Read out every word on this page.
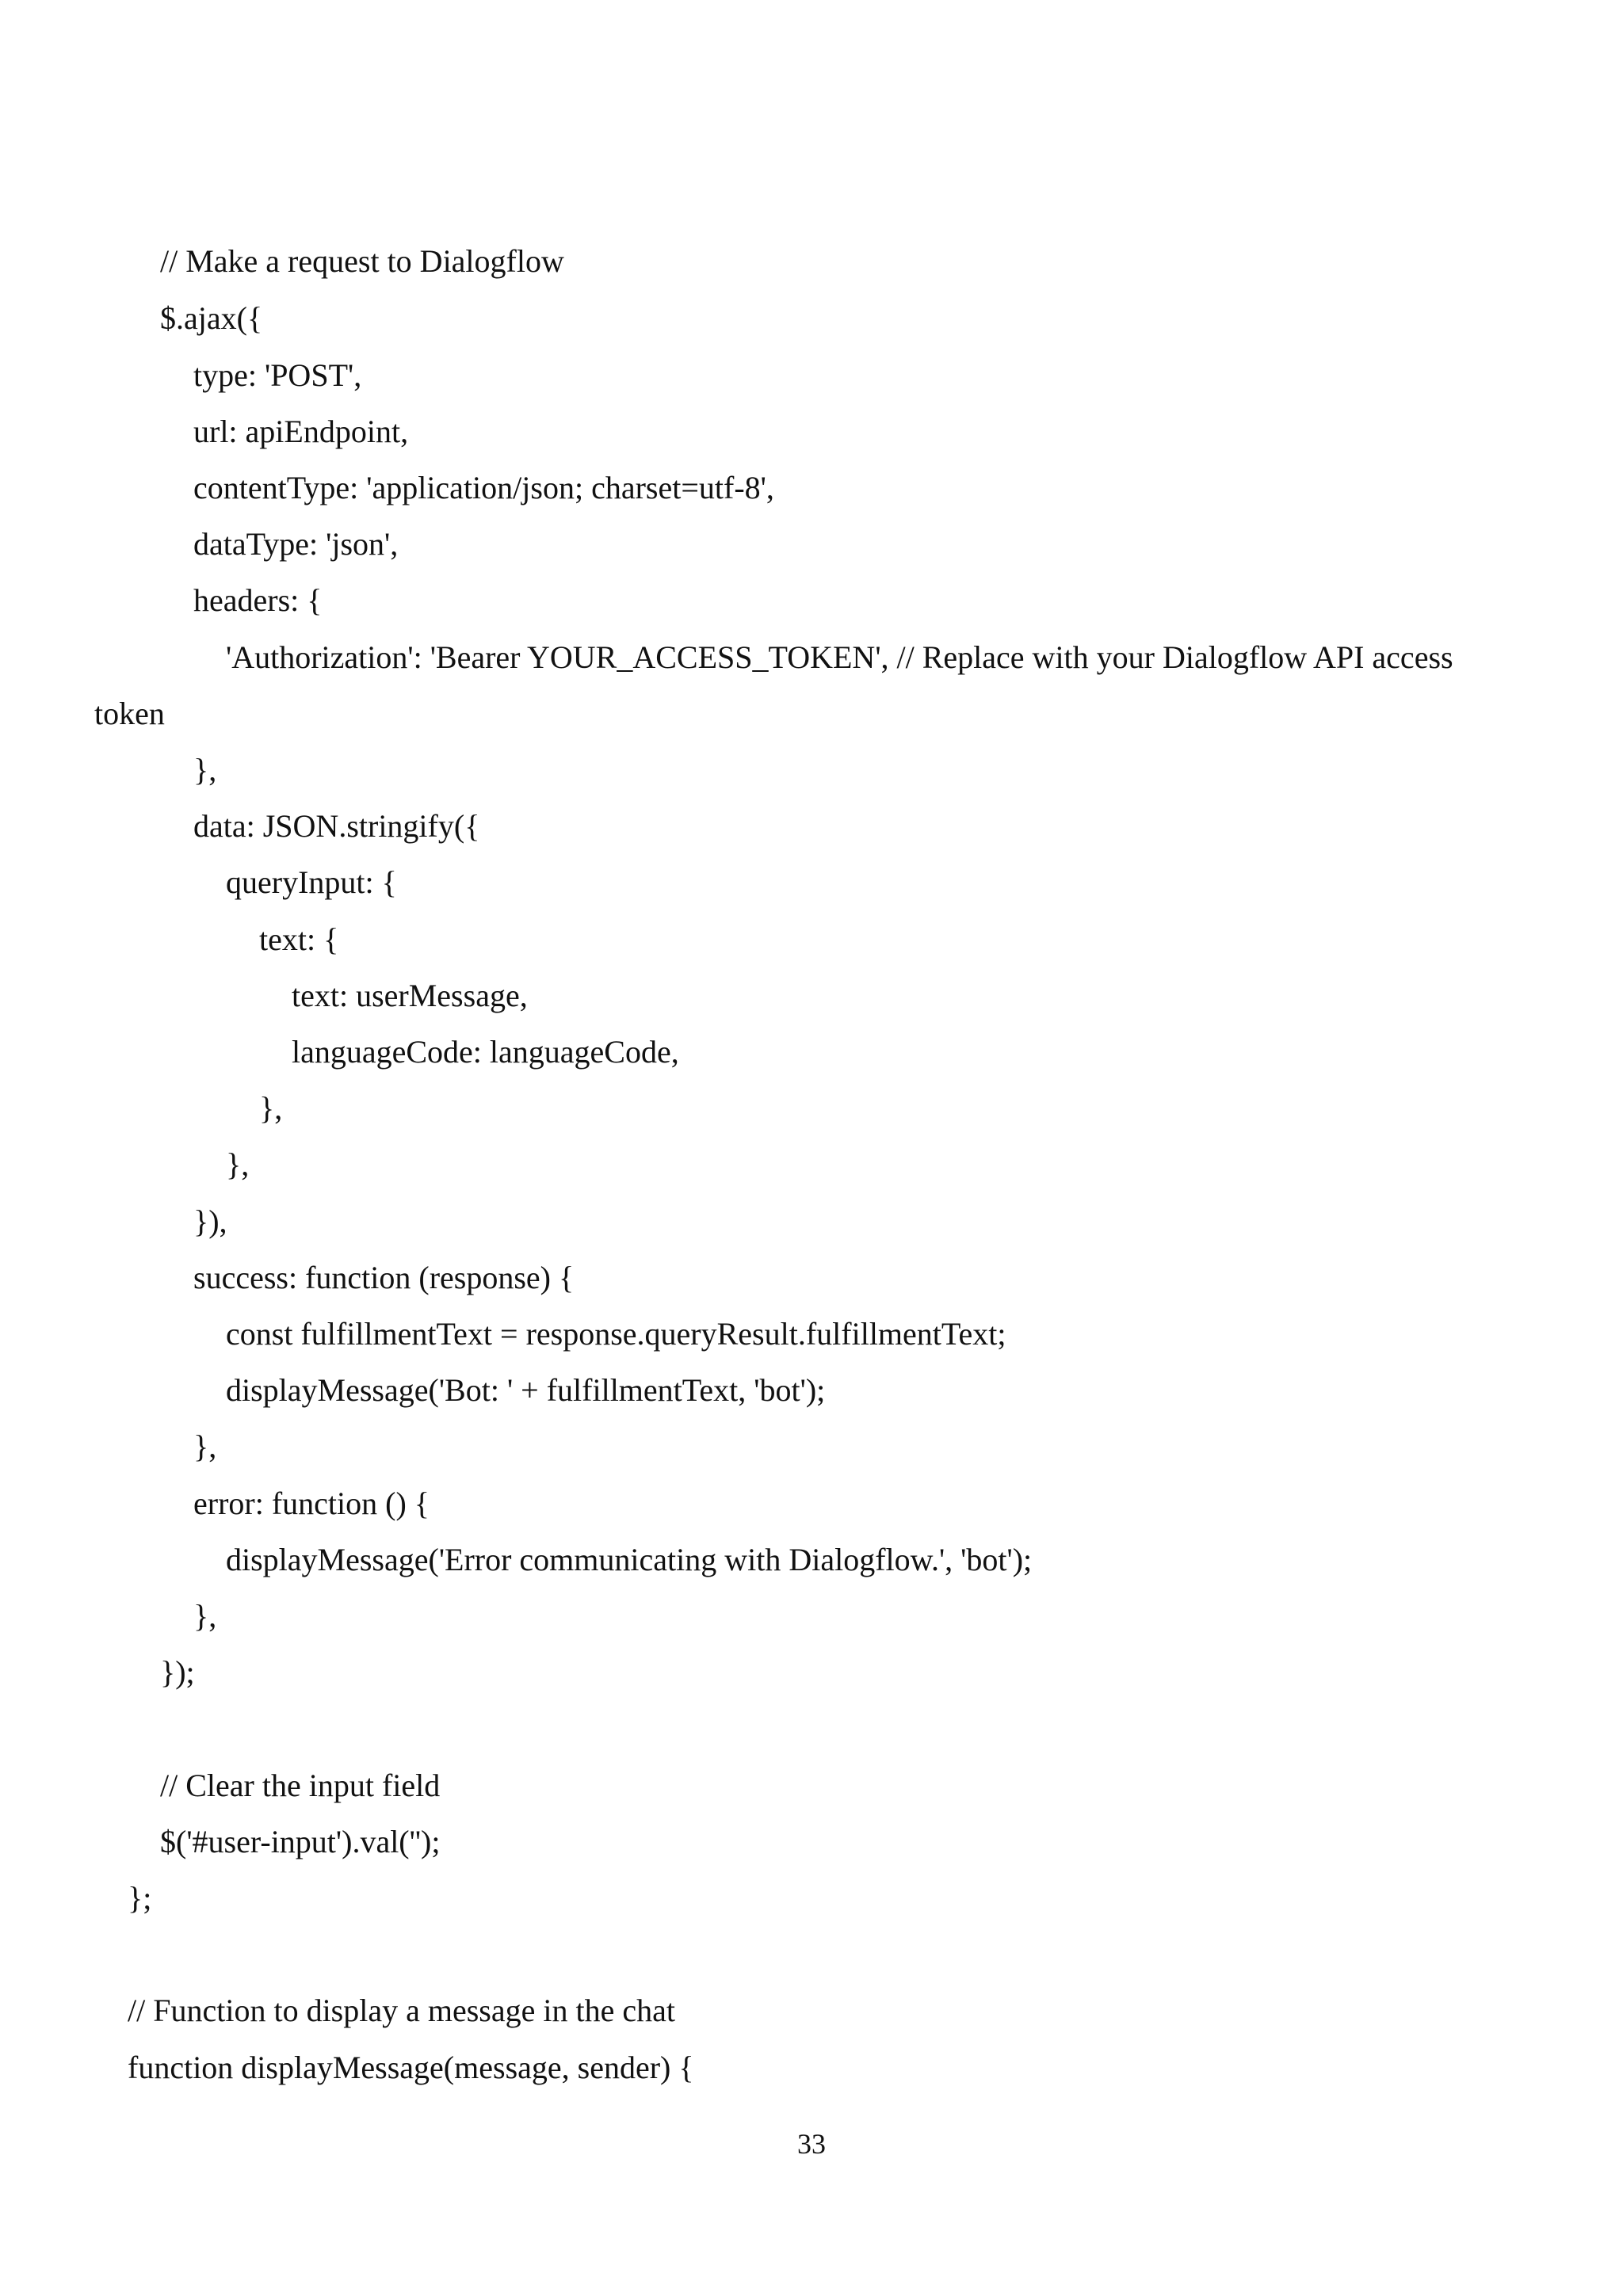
// Make a request to Dialogflow
$.ajax({
type: 'POST',
url: apiEndpoint,
contentType: 'application/json; charset=utf-8',
dataType: 'json',
headers: {
'Authorization': 'Bearer YOUR_ACCESS_TOKEN', // Replace with your Dialogflow API access
token
},
data: JSON.stringify({
queryInput: {
text: {
text: userMessage,
languageCode: languageCode,
},
},
}),
success: function (response) {
const fulfillmentText = response.queryResult.fulfillmentText;
displayMessage('Bot: ' + fulfillmentText, 'bot');
},
error: function () {
displayMessage('Error communicating with Dialogflow.', 'bot');
},
});
// Clear the input field
$('#user-input').val('');
};
// Function to display a message in the chat
function displayMessage(message, sender) {
33
